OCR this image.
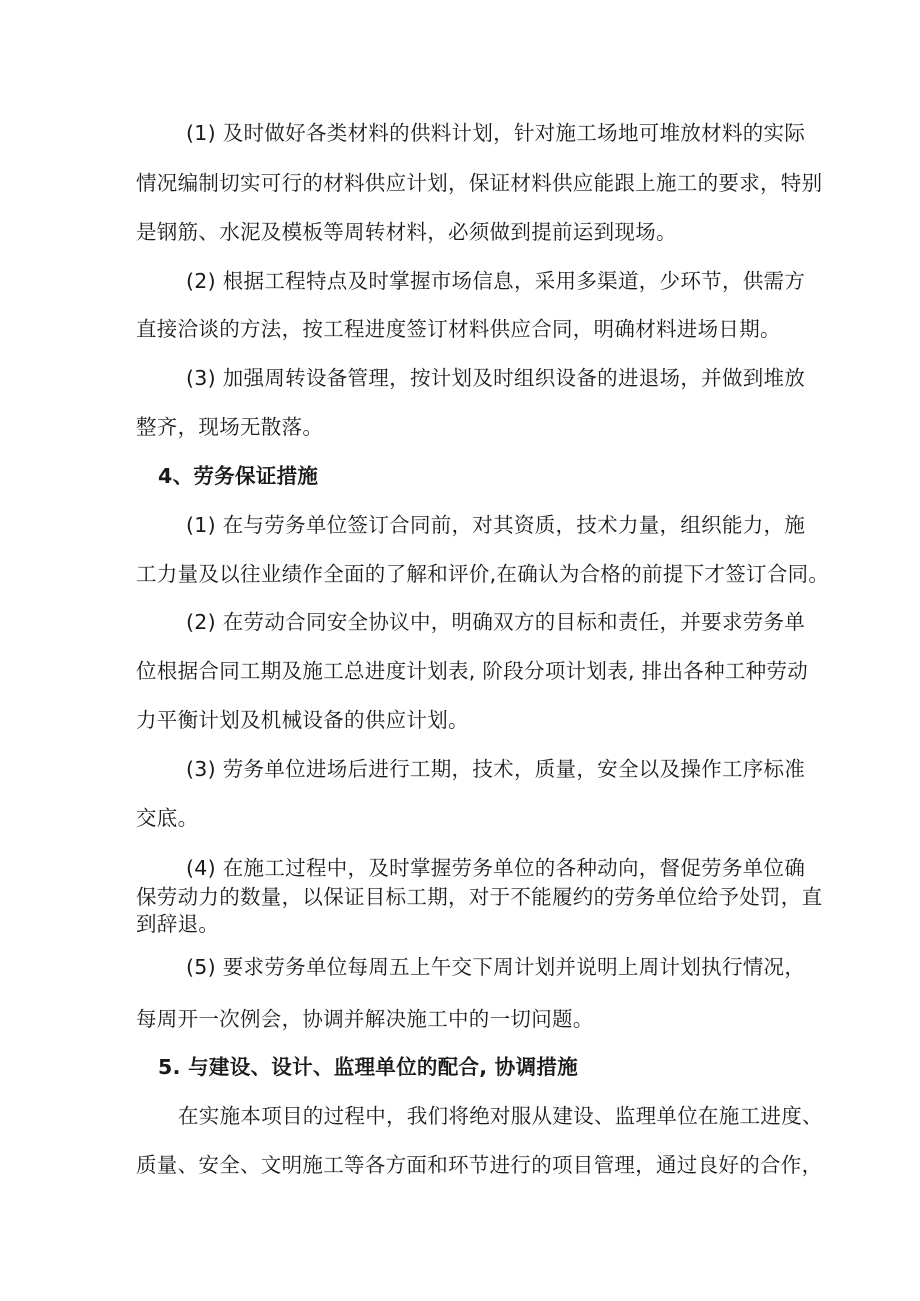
(1) 及时做好各类材料的供料计划，针对施工场地可堆放材料的实际
情况编制切实可行的材料供应计划，保证材料供应能跟上施工的要求，特别
是钢筋、水泥及模板等周转材料，必须做到提前运到现场。
(2) 根据工程特点及时掌握市场信息，采用多渠道，少环节，供需方
直接洽谈的方法，按工程进度签订材料供应合同，明确材料进场日期。
(3) 加强周转设备管理，按计划及时组织设备的进退场，并做到堆放
整齐，现场无散落。
4、劳务保证措施
(1) 在与劳务单位签订合同前，对其资质，技术力量，组织能力，施
工力量及以往业绩作全面的了解和评价,在确认为合格的前提下才签订合同。
(2) 在劳动合同安全协议中，明确双方的目标和责任，并要求劳务单
位根据合同工期及施工总进度计划表, 阶段分项计划表, 排出各种工种劳动
力平衡计划及机械设备的供应计划。
(3) 劳务单位进场后进行工期，技术，质量，安全以及操作工序标准
交底。
(4) 在施工过程中，及时掌握劳务单位的各种动向，督促劳务单位确
保劳动力的数量，以保证目标工期，对于不能履约的劳务单位给予处罚，直
到辞退。
(5) 要求劳务单位每周五上午交下周计划并说明上周计划执行情况，
每周开一次例会，协调并解决施工中的一切问题。
5. 与建设、设计、监理单位的配合, 协调措施
在实施本项目的过程中，我们将绝对服从建设、监理单位在施工进度、
质量、安全、文明施工等各方面和环节进行的项目管理，通过良好的合作，
